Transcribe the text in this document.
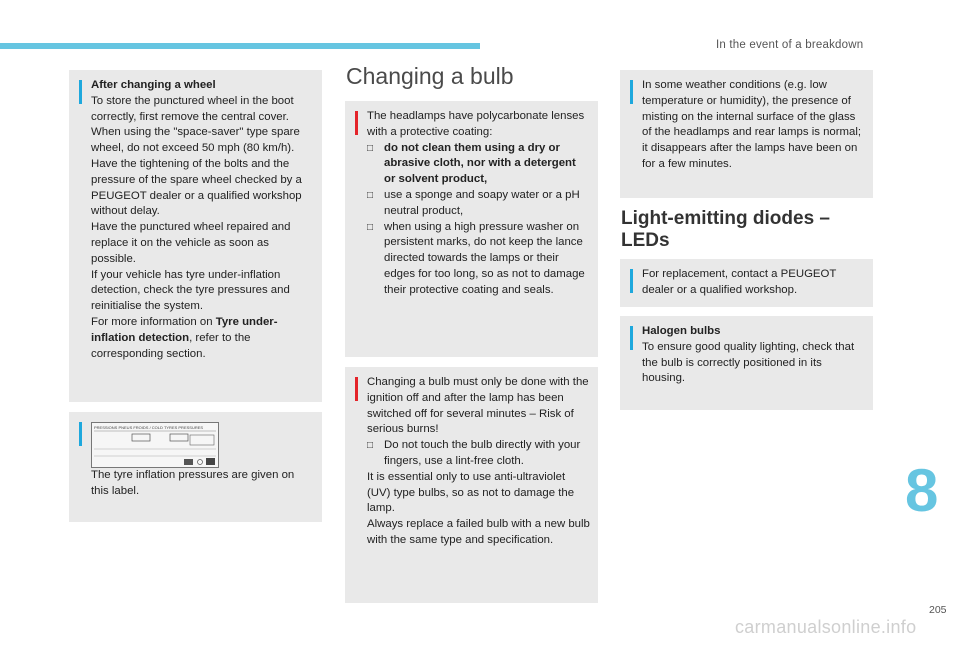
In the event of a breakdown

After changing a wheel

To store the punctured wheel in the boot correctly, first remove the central cover.

When using the "space-saver" type spare wheel, do not exceed 50 mph (80 km/h).

Have the tightening of the bolts and the pressure of the spare wheel checked by a PEUGEOT dealer or a qualified workshop without delay.

Have the punctured wheel repaired and replace it on the vehicle as soon as possible.

If your vehicle has tyre under-inflation detection, check the tyre pressures and reinitialise the system.

For more information on Tyre under-inflation detection, refer to the corresponding section.

PRESSIONS PNEUS FROIDS / COLD TYRES PRESSURES
The tyre inflation pressures are given on this label.
Changing a bulb

The headlamps have polycarbonate lenses with a protective coating:

□ do not clean them using a dry or abrasive cloth, nor with a detergent or solvent product,
□ use a sponge and soapy water or a pH neutral product,
□ when using a high pressure washer on persistent marks, do not keep the lance directed towards the lamps or their edges for too long, so as not to damage their protective coating and seals.

Changing a bulb must only be done with the ignition off and after the lamp has been switched off for several minutes – Risk of serious burns!

□ Do not touch the bulb directly with your fingers, use a lint-free cloth.

It is essential only to use anti-ultraviolet (UV) type bulbs, so as not to damage the lamp.

Always replace a failed bulb with a new bulb with the same type and specification.

In some weather conditions (e.g. low temperature or humidity), the presence of misting on the internal surface of the glass of the headlamps and rear lamps is normal; it disappears after the lamps have been on for a few minutes.
Light-emitting diodes – LEDs
For replacement, contact a PEUGEOT dealer or a qualified workshop.

Halogen bulbs

To ensure good quality lighting, check that the bulb is correctly positioned in its housing.

8
205
carmanualsonline.info
